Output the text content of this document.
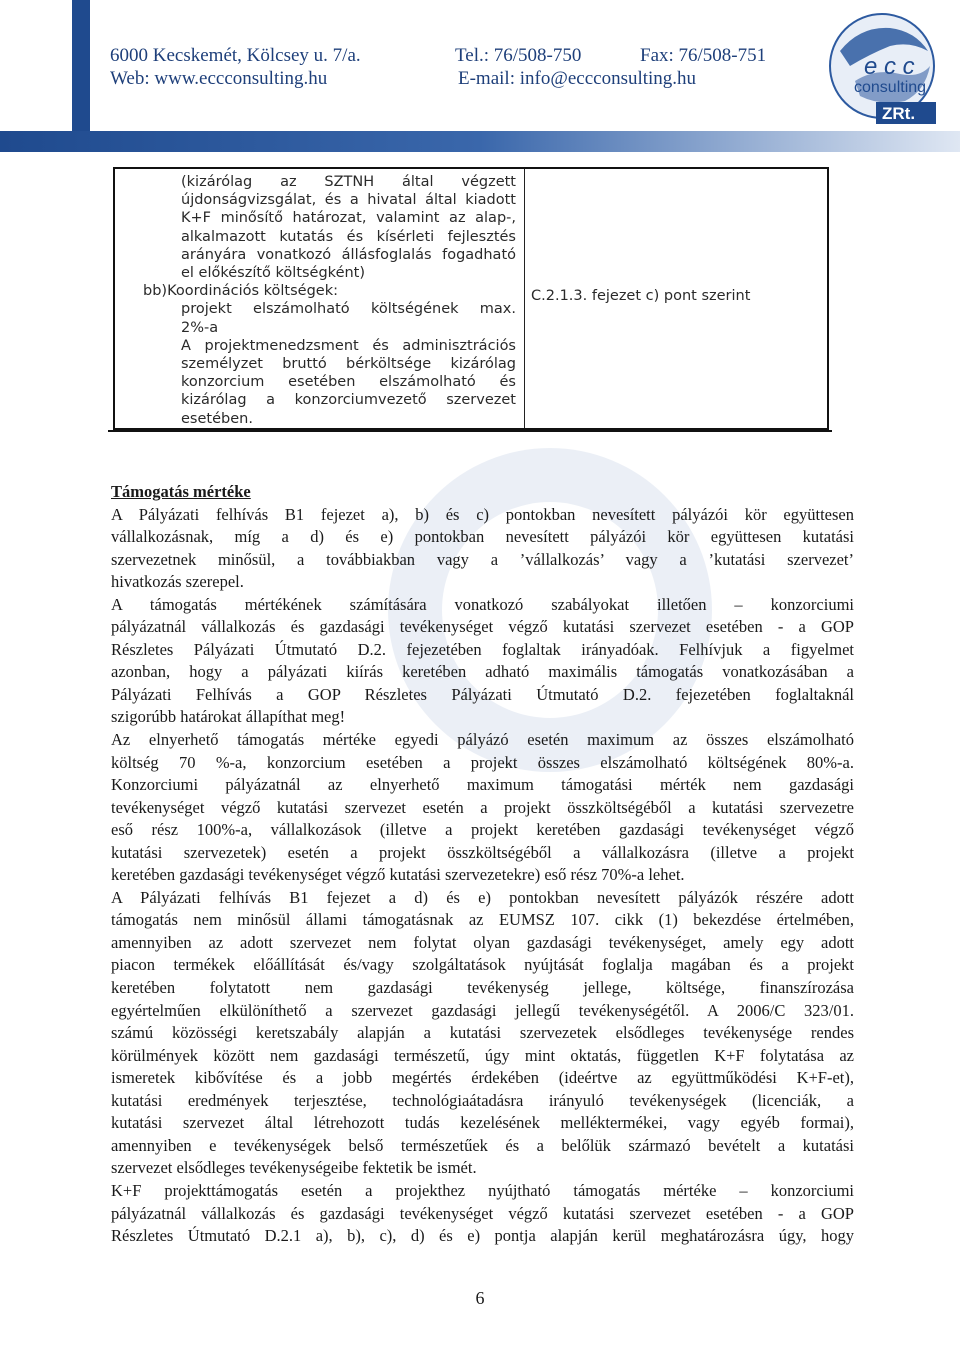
6000 Kecskemét, Kölcsey u. 7/a.	Tel.: 76/508-750	Fax: 76/508-751
Web: www.eccconsulting.hu	E-mail: info@eccconsulting.hu	e c c
consulting
ZRt.
(kizárólag az SZTNH által végzett
újdonságvizsgálat, és a hivatal által kiadott
K+F minősítő határozat, valamint az alap-,
alkalmazott kutatás és kísérleti fejlesztés
arányára vonatkozó állásfoglalás fogadható
el előkészítő költségként)
bb)Koordinációs költségek:
projekt elszámolható költségének max.
2%-a
A projektmenedzsment és adminisztrációs
személyzet bruttó bérköltsége kizárólag
konzorcium esetében elszámolható és
kizárólag a konzorciumvezető szervezet
esetében.
C.2.1.3. fejezet c) pont szerint
Támogatás mértéke
A Pályázati felhívás B1 fejezet a), b) és c) pontokban nevesített pályázói kör együttesen
vállalkozásnak, míg a d) és e) pontokban nevesített pályázói kör együttesen kutatási
szervezetnek minősül, a továbbiakban vagy a ’vállalkozás’ vagy a ’kutatási szervezet’
hivatkozás szerepel.
A támogatás mértékének számítására vonatkozó szabályokat illetően – konzorciumi
pályázatnál vállalkozás és gazdasági tevékenységet végző kutatási szervezet esetében - a GOP
Részletes Pályázati Útmutató D.2. fejezetében foglaltak irányadóak. Felhívjuk a figyelmet
azonban, hogy a pályázati kiírás keretében adható maximális támogatás vonatkozásában a
Pályázati Felhívás a GOP Részletes Pályázati Útmutató D.2. fejezetében foglaltaknál
szigorúbb határokat állapíthat meg!
Az elnyerhető támogatás mértéke egyedi pályázó esetén maximum az összes elszámolható
költség 70 %-a, konzorcium esetében a projekt összes elszámolható költségének 80%-a.
Konzorciumi pályázatnál az elnyerhető maximum támogatási mérték nem gazdasági
tevékenységet végző kutatási szervezet esetén a projekt összköltségéből a kutatási szervezetre
eső rész 100%-a, vállalkozások (illetve a projekt keretében gazdasági tevékenységet végző
kutatási szervezetek) esetén a projekt összköltségéből a vállalkozásra (illetve a projekt
keretében gazdasági tevékenységet végző kutatási szervezetekre) eső rész 70%-a lehet.
A Pályázati felhívás B1 fejezet a d) és e) pontokban nevesített pályázók részére adott
támogatás nem minősül állami támogatásnak az EUMSZ 107. cikk (1) bekezdése értelmében,
amennyiben az adott szervezet nem folytat olyan gazdasági tevékenységet, amely egy adott
piacon termékek előállítását és/vagy szolgáltatások nyújtását foglalja magában és a projekt
keretében folytatott nem gazdasági tevékenység jellege, költsége, finanszírozása
egyértelműen elkülöníthető a szervezet gazdasági jellegű tevékenységétől. A 2006/C 323/01.
számú közösségi keretszabály alapján a kutatási szervezetek elsődleges tevékenysége rendes
körülmények között nem gazdasági természetű, úgy mint oktatás, független K+F folytatása az
ismeretek kibővítése és a jobb megértés érdekében (ideértve az együttműködési K+F-et),
kutatási eredmények terjesztése, technológiaátadásra irányuló tevékenységek (licenciák, a
kutatási szervezet által létrehozott tudás kezelésének melléktermékei, vagy egyéb formai),
amennyiben e tevékenységek belső természetűek és a belőlük származó bevételt a kutatási
szervezet elsődleges tevékenységeibe fektetik be ismét.
K+F projekttámogatás esetén a projekthez nyújtható támogatás mértéke – konzorciumi
pályázatnál vállalkozás és gazdasági tevékenységet végző kutatási szervezet esetében - a GOP
Részletes Útmutató D.2.1 a), b), c), d) és e) pontja alapján kerül meghatározásra úgy, hogy
6
